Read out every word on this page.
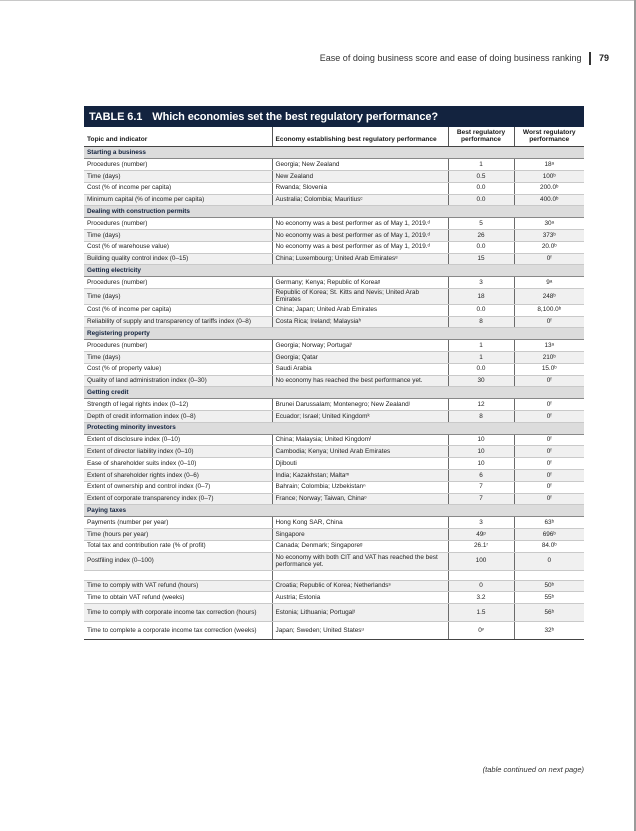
Ease of doing business score and ease of doing business ranking 79
TABLE 6.1 Which economies set the best regulatory performance?
Topic and indicator	Economy establishing best regulatory performance	Best regulatory performance	Worst regulatory performance
Starting a business			
Procedures (number)	Georgia; New Zealand	1	18ᵃ
Time (days)	New Zealand	0.5	100ᵇ
Cost (% of income per capita)	Rwanda; Slovenia	0.0	200.0ᵇ
Minimum capital (% of income per capita)	Australia; Colombia; Mauritiusᶜ	0.0	400.0ᵇ
Dealing with construction permits			
Procedures (number)	No economy was a best performer as of May 1, 2019.ᵈ	5	30ᵃ
Time (days)	No economy was a best performer as of May 1, 2019.ᵈ	26	373ᵇ
Cost (% of warehouse value)	No economy was a best performer as of May 1, 2019.ᵈ	0.0	20.0ᵇ
Building quality control index (0–15)	China; Luxembourg; United Arab Emiratesᵉ	15	0ᶠ
Getting electricity			
Procedures (number)	Germany; Kenya; Republic of Koreaᵍ	3	9ᵃ
Time (days)	Republic of Korea; St. Kitts and Nevis; United Arab Emirates	18	248ᵇ
Cost (% of income per capita)	China; Japan; United Arab Emirates	0.0	8,100.0ᵇ
Reliability of supply and transparency of tariffs index (0–8)	Costa Rica; Ireland; Malaysiaʰ	8	0ᶠ
Registering property			
Procedures (number)	Georgia; Norway; Portugalⁱ	1	13ᵃ
Time (days)	Georgia; Qatar	1	210ᵇ
Cost (% of property value)	Saudi Arabia	0.0	15.0ᵇ
Quality of land administration index (0–30)	No economy has reached the best performance yet.	30	0ᶠ
Getting credit			
Strength of legal rights index (0–12)	Brunei Darussalam; Montenegro; New Zealandʲ	12	0ᶠ
Depth of credit information index (0–8)	Ecuador; Israel; United Kingdomᵏ	8	0ᶠ
Protecting minority investors			
Extent of disclosure index (0–10)	China; Malaysia; United Kingdomˡ	10	0ᶠ
Extent of director liability index (0–10)	Cambodia; Kenya; United Arab Emirates	10	0ᶠ
Ease of shareholder suits index (0–10)	Djibouti	10	0ᶠ
Extent of shareholder rights index (0–6)	India; Kazakhstan; Maltaᵐ	6	0ᶠ
Extent of ownership and control index (0–7)	Bahrain; Colombia; Uzbekistanⁿ	7	0ᶠ
Extent of corporate transparency index (0–7)	France; Norway; Taiwan, Chinaᵒ	7	0ᶠ
Paying taxes			
Payments (number per year)	Hong Kong SAR, China	3	63ᵇ
Time (hours per year)	Singapore	49ᵖ	696ᵇ
Total tax and contribution rate (% of profit)	Canada; Denmark; Singaporeᵍ	26.1ʳ	84.0ᵇ
Postfiling index (0–100)	No economy with both CIT and VAT has reached the best performance yet.	100	0

Time to comply with VAT refund (hours)	Croatia; Republic of Korea; Netherlandsˢ	0	50ᵇ
Time to obtain VAT refund (weeks)	Austria; Estonia	3.2	55ᵇ
Time to comply with corporate income tax correction (hours)	Estonia; Lithuania; Portugalᵗ	1.5	56ᵇ
Time to complete a corporate income tax correction (weeks)	Japan; Sweden; United Statesᵘ	0ᵛ	32ᵇ
(table continued on next page)
